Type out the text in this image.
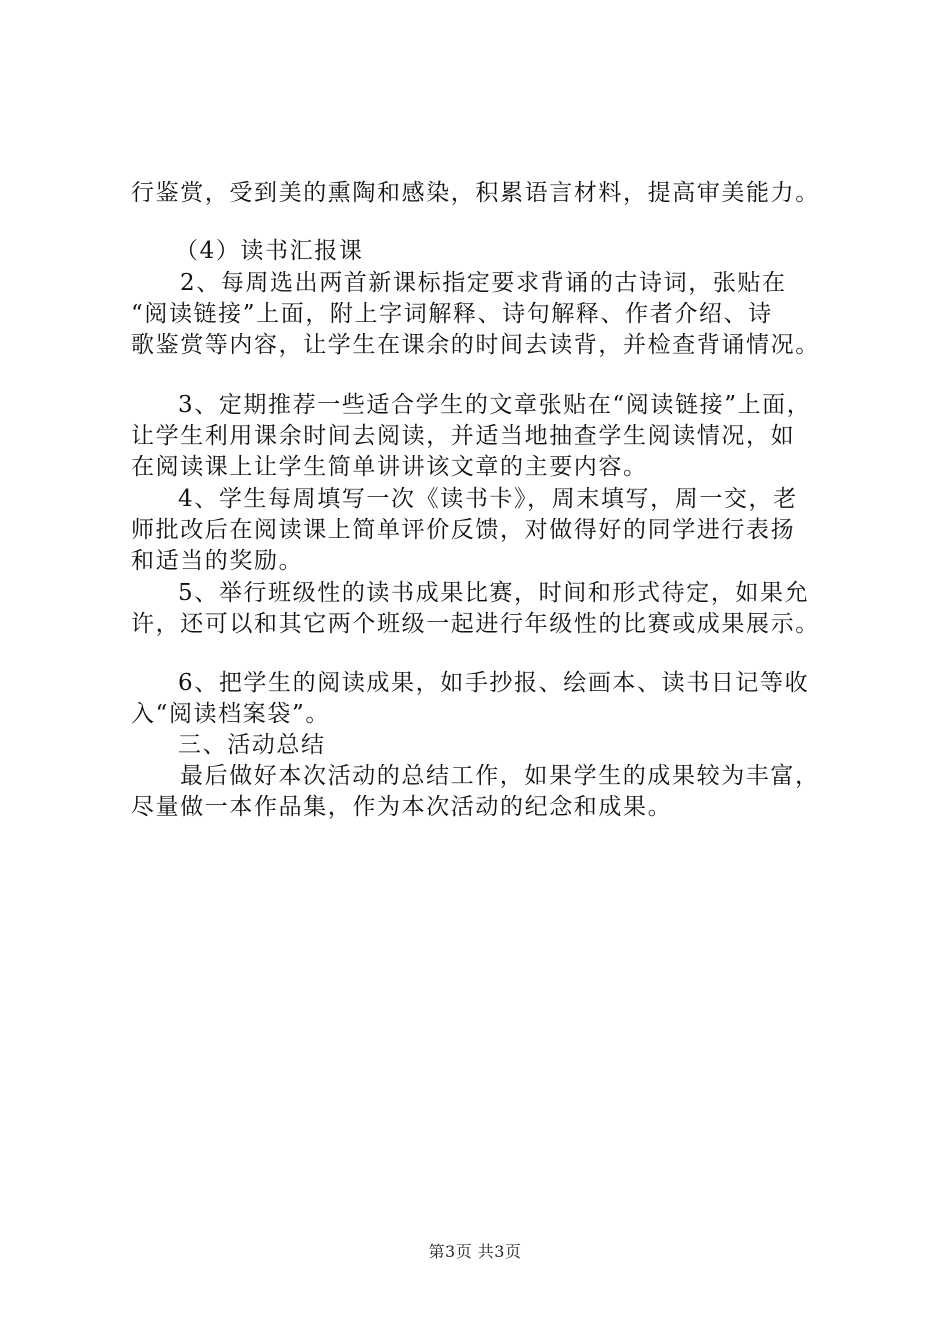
行鉴赏，受到美的熏陶和感染，积累语言材料，提高审美能力。
（4）读书汇报课
2、每周选出两首新课标指定要求背诵的古诗词，张贴在
“阅读链接”上面，附上字词解释、诗句解释、作者介绍、诗
歌鉴赏等内容，让学生在课余的时间去读背，并检查背诵情况。
3、定期推荐一些适合学生的文章张贴在“阅读链接”上面，
让学生利用课余时间去阅读，并适当地抽查学生阅读情况，如
在阅读课上让学生简单讲讲该文章的主要内容。
4、学生每周填写一次《读书卡》，周末填写，周一交，老
师批改后在阅读课上简单评价反馈，对做得好的同学进行表扬
和适当的奖励。
5、举行班级性的读书成果比赛，时间和形式待定，如果允
许，还可以和其它两个班级一起进行年级性的比赛或成果展示。
6、把学生的阅读成果，如手抄报、绘画本、读书日记等收
入“阅读档案袋”。
三、活动总结
最后做好本次活动的总结工作，如果学生的成果较为丰富，
尽量做一本作品集，作为本次活动的纪念和成果。
第3页 共3页
